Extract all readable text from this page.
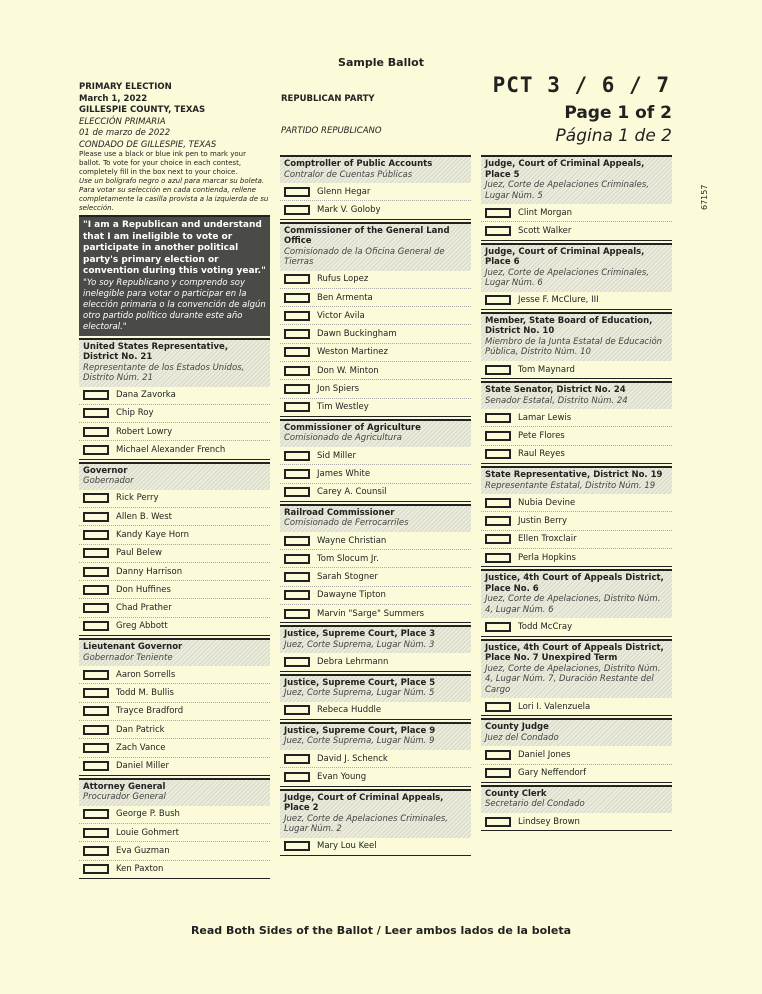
Sample Ballot
PRIMARY ELECTION
March 1, 2022
GILLESPIE COUNTY, TEXAS
ELECCIÓN PRIMARIA
01 de marzo de 2022
CONDADO DE GILLESPIE, TEXAS
REPUBLICAN PARTY
PARTIDO REPUBLICANO
PCT 3 / 6 / 7
Page 1 of 2
Página 1 de 2
67157
Please use a black or blue ink pen to mark your ballot. To vote for your choice in each contest, completely fill in the box next to your choice.
Use un bolígrafo negro o azul para marcar su boleta. Para votar su selección en cada contienda, rellene completamente la casilla provista a la izquierda de su selección.
"I am a Republican and understand that I am ineligible to vote or participate in another political party's primary election or convention during this voting year."
"Yo soy Republicano y comprendo soy inelegible para votar o participar en la elección primaria o la convención de algún otro partido político durante este año electoral."
United States Representative, District No. 21
Representante de los Estados Unidos, Distrito Núm. 21
Dana Zavorka
Chip Roy
Robert Lowry
Michael Alexander French
Governor
Gobernador
Rick Perry
Allen B. West
Kandy Kaye Horn
Paul Belew
Danny Harrison
Don Huffines
Chad Prather
Greg Abbott
Lieutenant Governor
Gobernador Teniente
Aaron Sorrells
Todd M. Bullis
Trayce Bradford
Dan Patrick
Zach Vance
Daniel Miller
Attorney General
Procurador General
George P. Bush
Louie Gohmert
Eva Guzman
Ken Paxton
Comptroller of Public Accounts
Contralor de Cuentas Públicas
Glenn Hegar
Mark V. Goloby
Commissioner of the General Land Office
Comisionado de la Oficina General de Tierras
Rufus Lopez
Ben Armenta
Victor Avila
Dawn Buckingham
Weston Martinez
Don W. Minton
Jon Spiers
Tim Westley
Commissioner of Agriculture
Comisionado de Agricultura
Sid Miller
James White
Carey A. Counsil
Railroad Commissioner
Comisionado de Ferrocarriles
Wayne Christian
Tom Slocum Jr.
Sarah Stogner
Dawayne Tipton
Marvin "Sarge" Summers
Justice, Supreme Court, Place 3
Juez, Corte Suprema, Lugar Núm. 3
Debra Lehrmann
Justice, Supreme Court, Place 5
Juez, Corte Suprema, Lugar Núm. 5
Rebeca Huddle
Justice, Supreme Court, Place 9
Juez, Corte Suprema, Lugar Núm. 9
David J. Schenck
Evan Young
Judge, Court of Criminal Appeals, Place 2
Juez, Corte de Apelaciones Criminales, Lugar Núm. 2
Mary Lou Keel
Judge, Court of Criminal Appeals, Place 5
Juez, Corte de Apelaciones Criminales, Lugar Núm. 5
Clint Morgan
Scott Walker
Judge, Court of Criminal Appeals, Place 6
Juez, Corte de Apelaciones Criminales, Lugar Núm. 6
Jesse F. McClure, III
Member, State Board of Education, District No. 10
Miembro de la Junta Estatal de Educación Pública, Distrito Núm. 10
Tom Maynard
State Senator, District No. 24
Senador Estatal, Distrito Núm. 24
Lamar Lewis
Pete Flores
Raul Reyes
State Representative, District No. 19
Representante Estatal, Distrito Núm. 19
Nubia Devine
Justin Berry
Ellen Troxclair
Perla Hopkins
Justice, 4th Court of Appeals District, Place No. 6
Juez, Corte de Apelaciones, Distrito Núm. 4, Lugar Núm. 6
Todd McCray
Justice, 4th Court of Appeals District, Place No. 7 Unexpired Term
Juez, Corte de Apelaciones, Distrito Núm. 4, Lugar Núm. 7, Duración Restante del Cargo
Lori I. Valenzuela
County Judge
Juez del Condado
Daniel Jones
Gary Neffendorf
County Clerk
Secretario del Condado
Lindsey Brown
Read Both Sides of the Ballot / Leer ambos lados de la boleta
